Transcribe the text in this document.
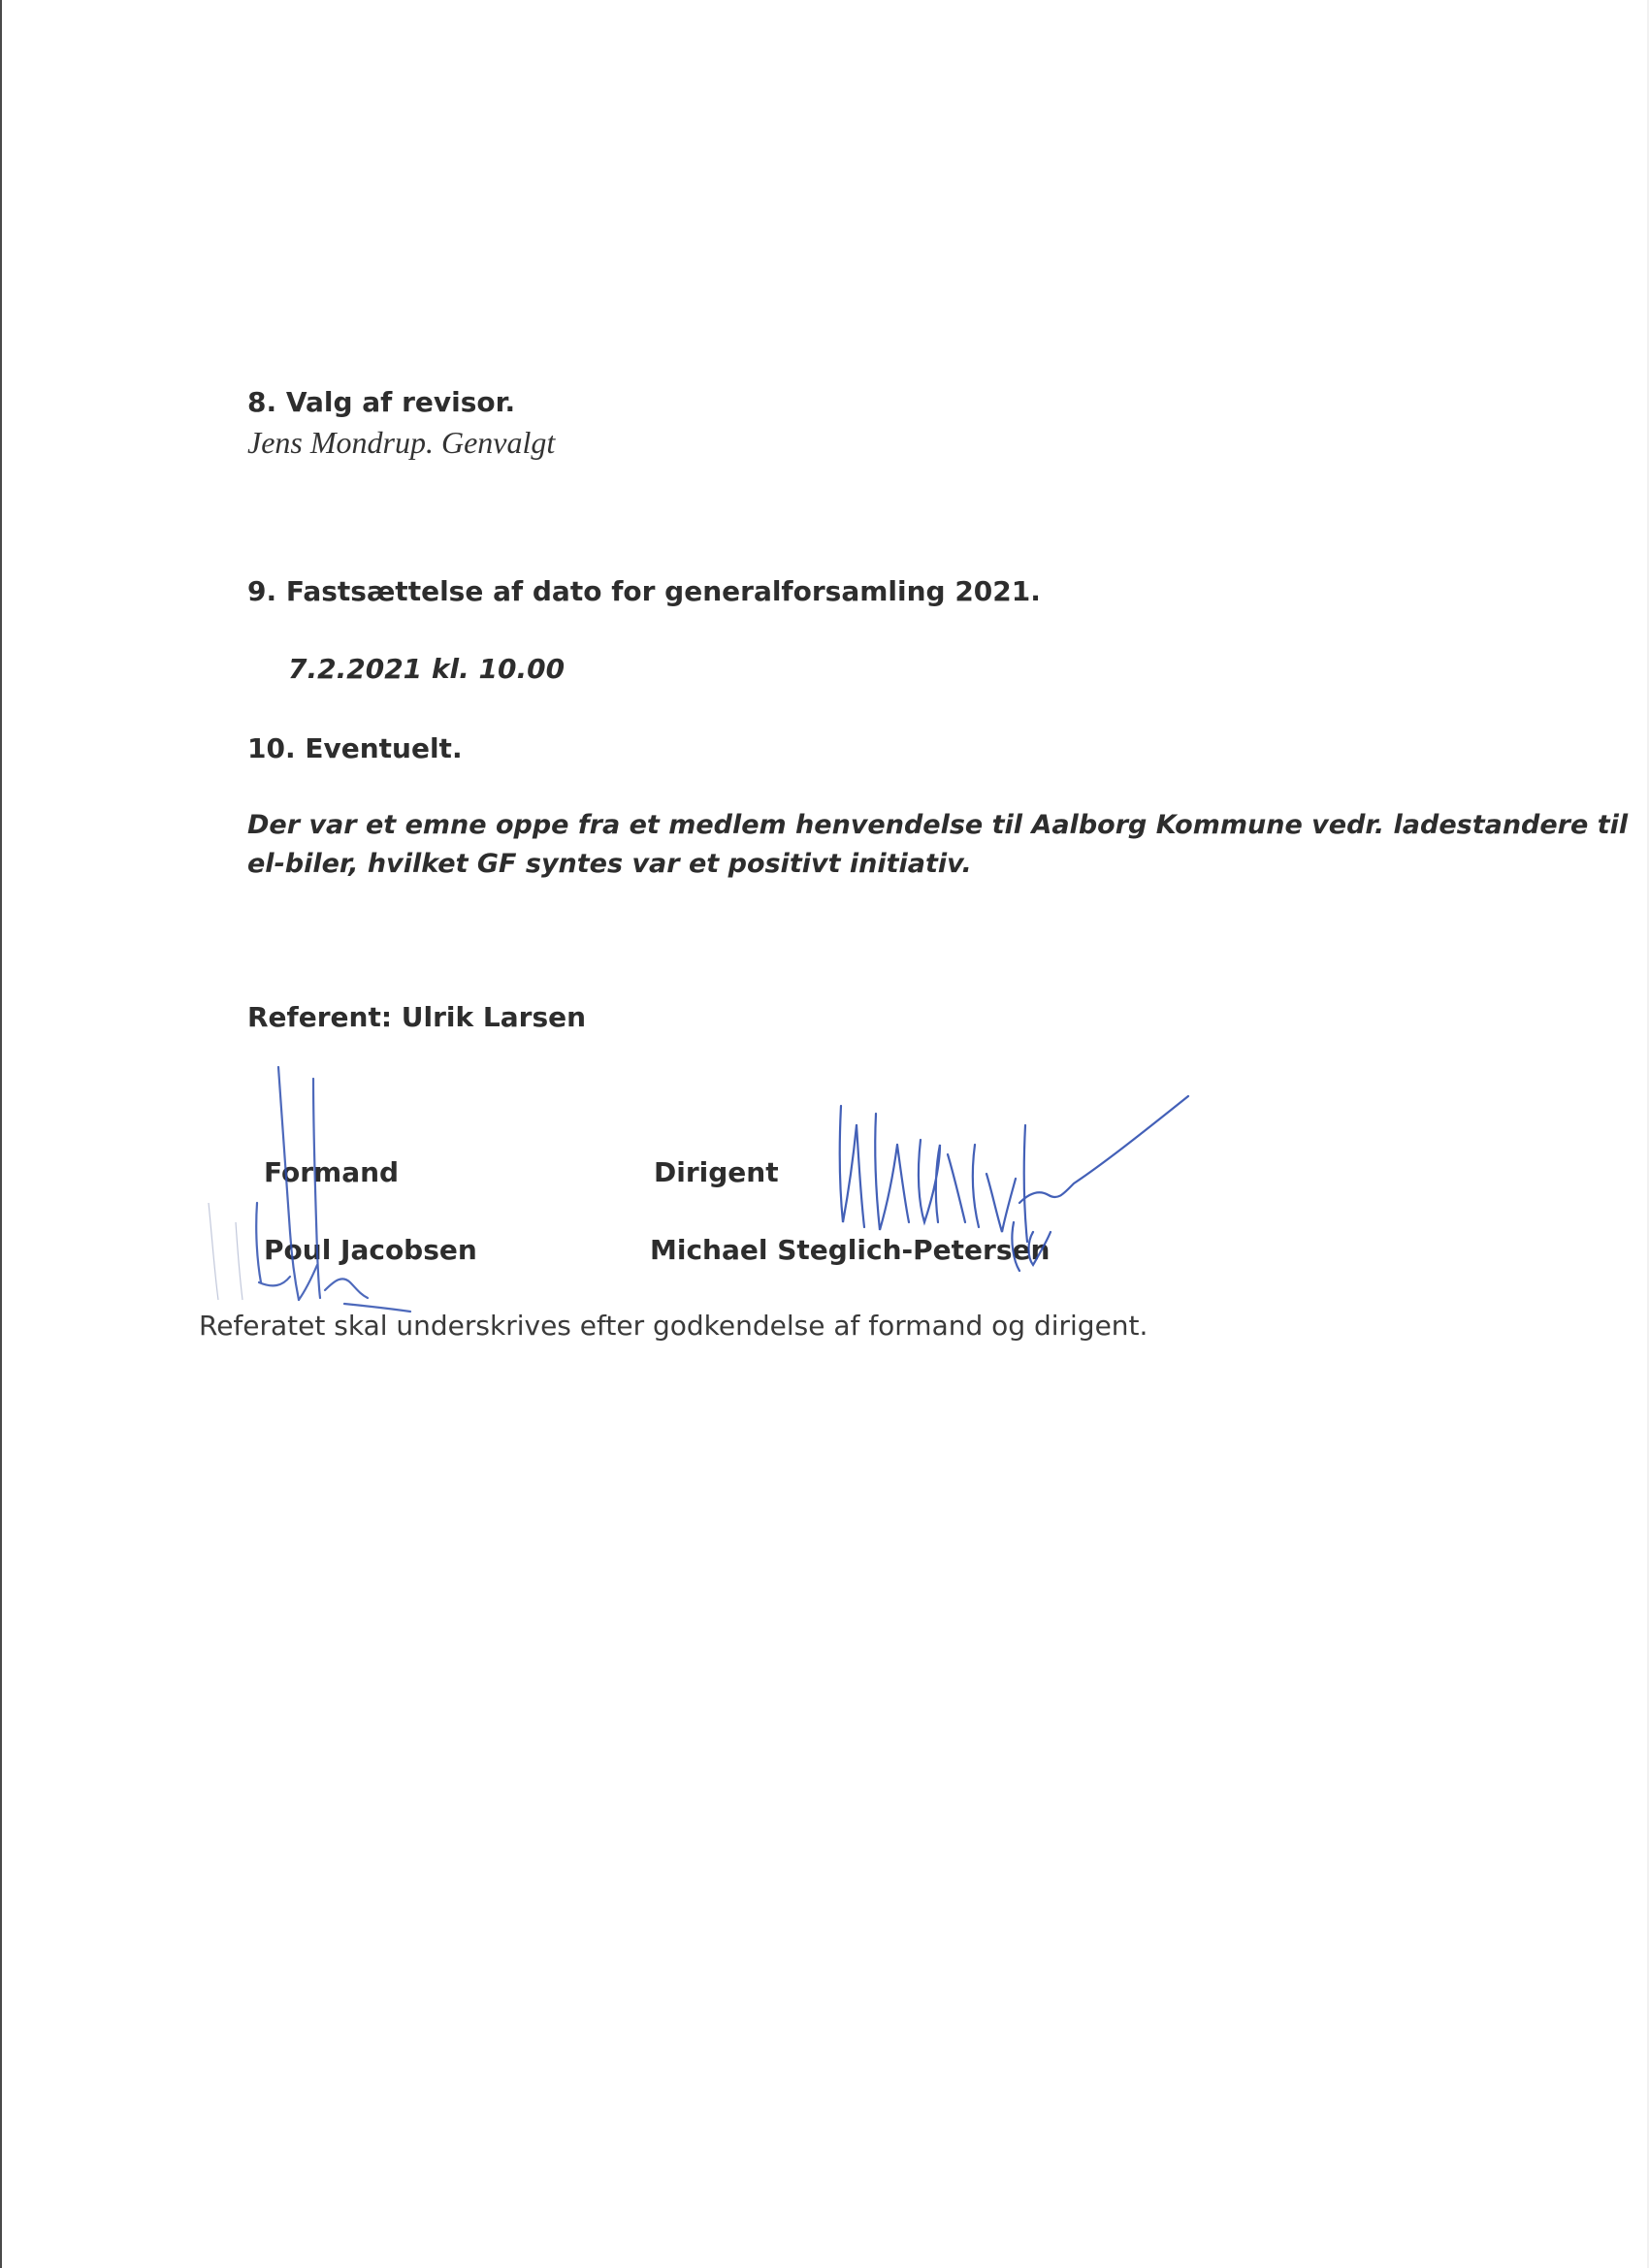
8. Valg af revisor.
Jens Mondrup. Genvalgt
9. Fastsættelse af dato for generalforsamling 2021.
7.2.2021 kl. 10.00
10. Eventuelt.
Der var et emne oppe fra et medlem henvendelse til Aalborg Kommune vedr. ladestandere til
el-biler, hvilket GF syntes var et positivt initiativ.
Referent: Ulrik Larsen
Formand
Poul Jacobsen
Dirigent
Michael Steglich-Petersen
Referatet skal underskrives efter godkendelse af formand og dirigent.
